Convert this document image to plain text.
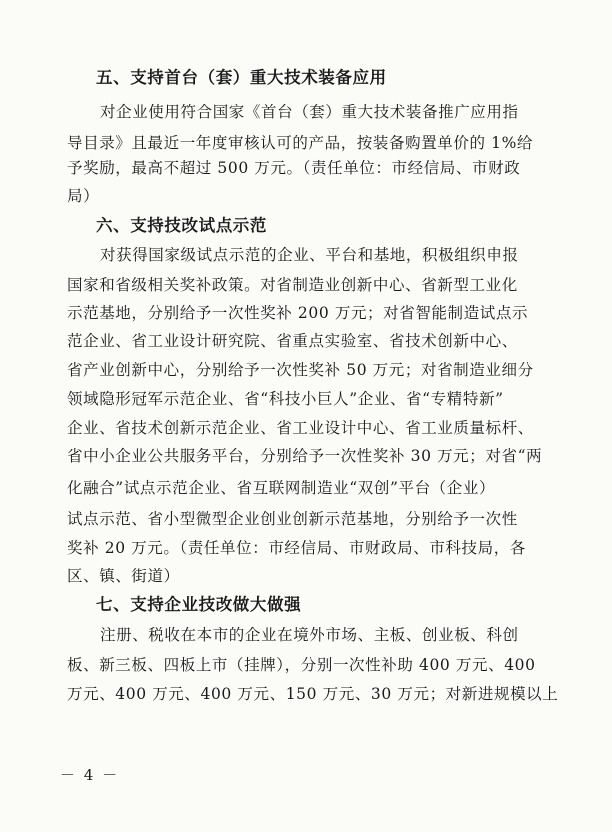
五、支持首台（套）重大技术装备应用

对企业使用符合国家《首台（套）重大技术装备推广应用指

导目录》且最近一年度审核认可的产品，按装备购置单价的 1%给

予奖励，最高不超过 500 万元。（责任单位：市经信局、市财政

局）

六、支持技改试点示范

对获得国家级试点示范的企业、平台和基地，积极组织申报

国家和省级相关奖补政策。对省制造业创新中心、省新型工业化

示范基地，分别给予一次性奖补 200 万元；对省智能制造试点示

范企业、省工业设计研究院、省重点实验室、省技术创新中心、

省产业创新中心，分别给予一次性奖补 50 万元；对省制造业细分

领域隐形冠军示范企业、省“科技小巨人”企业、省“专精特新”

企业、省技术创新示范企业、省工业设计中心、省工业质量标杆、

省中小企业公共服务平台，分别给予一次性奖补 30 万元；对省“两

化融合”试点示范企业、省互联网制造业“双创”平台（企业）

试点示范、省小型微型企业创业创新示范基地，分别给予一次性

奖补 20 万元。（责任单位：市经信局、市财政局、市科技局，各

区、镇、街道）

七、支持企业技改做大做强

注册、税收在本市的企业在境外市场、主板、创业板、科创

板、新三板、四板上市（挂牌），分别一次性补助 400 万元、400

万元、400 万元、400 万元、150 万元、30 万元；对新进规模以上

－ 4 －
